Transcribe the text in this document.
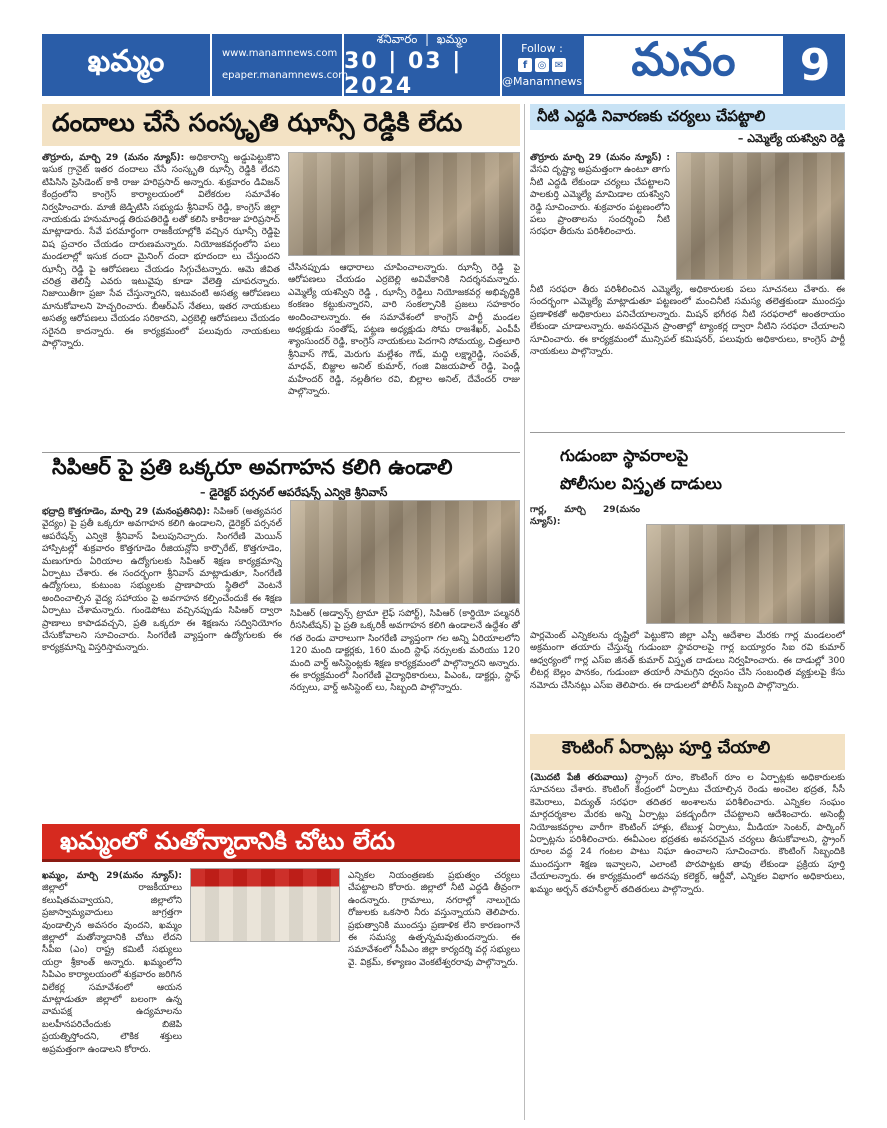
ఖమ్మం	www.manamnews.com
epaper.manamnews.com
శనివారం  |  ఖమ్మం
30 | 03 | 2024
Follow :
f	◎ ✉
@Manamnews	మనం	9
దందాలు చేసే సంస్కృతి ఝాన్సీ రెడ్డికి లేదు
తొర్రూరు, మార్చి 29 (మనం న్యూస్): అధికారాన్ని అడ్డుపెట్టుకొని ఇసుక గ్రానైట్ ఇతర దందాలు చేసే సంస్కృతి ఝాన్సీ రెడ్డికి లేదని టిపిసిసి ప్రెసిడెంట్ కాకి రాజు హరిప్రసాద్ అన్నారు. శుక్రవారం డివిజన్ కేంద్రంలోని కాంగ్రెస్ కార్యాలయంలో విలేకరుల సమావేశం నిర్వహించారు. మాజీ జెడ్పిటిసి సభ్యుడు శ్రీనివాస్ రెడ్డి, కాంగ్రెస్ జిల్లా నాయకుడు హనుమాండ్ల తిరుపతిరెడ్డి లతో కలిసి కాకిరాజు హరిప్రసాద్ మాట్లాడారు. సేవే పరమార్థంగా రాజకీయాల్లోకి వచ్చిన ఝాన్సీ రెడ్డిపై విష ప్రచారం చేయడం దారుణమన్నారు. నియోజకవర్గంలోని పలు మండలాల్లో ఇసుక దందా మైనింగ్ దందా భూదందా లు చేస్తుందని ఝాన్సీ రెడ్డి పై ఆరోపణలు చేయడం సిగ్గుచేటన్నారు. ఆమె జీవిత చరిత్ర తెలిస్తే ఎవరు ఇటువైపు కూడా వేలెత్తి చూపరన్నారు. నిజాయితీగా ప్రజా సేవ చేస్తున్నారని, ఇటువంటి అసత్య ఆరోపణలు మానుకోవాలని హెచ్చరించారు. బీఆర్ఎస్ నేతలు, ఇతర నాయకులు అసత్య ఆరోపణలు చేయడం సరికాదని, ఎర్రబెల్లి ఆరోపణలు చేయడం సరైనది కాదన్నారు. ఈ కార్యక్రమంలో పలువురు నాయకులు పాల్గొన్నారు.
చేసినప్పుడు ఆధారాలు చూపించాలన్నారు. ఝాన్సీ రెడ్డి పై ఆరోపణలు చేయడం ఎర్రబెల్లి అవివేకానికి నిదర్శనమన్నారు. ఎమ్మెల్యే యశస్విని రెడ్డి , ఝాన్సీ రెడ్డిలు నియోజకవర్గ అభివృద్ధికి కంకణం కట్టుకున్నారని, వారి సంకల్పానికి ప్రజలు సహకారం అందించాలన్నారు. ఈ సమావేశంలో కాంగ్రెస్ పార్టీ మండల అధ్యక్షుడు సంతోష్, పట్టణ అధ్యక్షుడు సోమ రాజశేఖర్, ఎంపీపీ శ్యాంసుందర్ రెడ్డి, కాంగ్రెస్ నాయకులు పెదగాని సోమయ్య, చిత్తలూరి శ్రీనివాస్ గౌడ్, మెరుగు మల్లేశం గౌడ్, మద్ది లక్ష్మారెడ్డి, సంపత్, మాధవ్, బిజ్జాల అనిల్ కుమార్, గంజి విజయపాల్ రెడ్డి, పెండ్లి మహేందర్ రెడ్డి, నల్లతీగల రవి, బిల్లాల అనిల్, దేవేందర్ రాజు పాల్గొన్నారు.
సిపిఆర్ పై ప్రతి ఒక్కరూ అవగాహన కలిగి ఉండాలి
– డైరెక్టర్ పర్సనల్ ఆపరేషన్స్ ఎన్వికె శ్రీనివాస్
భద్రాద్రి కొత్తగూడెం, మార్చి 29 (మనంప్రతినిధి): సిపిఆర్ (అత్యవసర వైద్యం) పై ప్రతీ ఒక్కరూ అవగాహన కలిగి ఉండాలని, డైరెక్టర్ పర్సనల్ ఆపరేషన్స్ ఎన్వికె శ్రీనివాస్ పిలుపునిచ్చారు. సింగరేణి మెయిన్ హాస్పిటల్లో శుక్రవారం కొత్తగూడెం రీజియన్లోని కార్పొరేట్, కొత్తగూడెం, మణుగూరు ఏరియాల ఉద్యోగులకు సిపిఆర్ శిక్షణ కార్యక్రమాన్ని ఏర్పాటు చేశారు. ఈ సందర్భంగా శ్రీనివాస్ మాట్లాడుతూ, సింగరేణి ఉద్యోగులు, కుటుంబ సభ్యులకు ప్రాణాపాయ స్థితిలో వెంటనే అందించాల్సిన వైద్య సహాయం పై అవగాహన కల్పించేందుకే ఈ శిక్షణ ఏర్పాటు చేశామన్నారు. గుండెపోటు వచ్చినప్పుడు సిపిఆర్ ద్వారా ప్రాణాలు కాపాడవచ్చని, ప్రతి ఒక్కరూ ఈ శిక్షణను సద్వినియోగం చేసుకోవాలని సూచించారు. సింగరేణి వ్యాప్తంగా ఉద్యోగులకు ఈ కార్యక్రమాన్ని విస్తరిస్తామన్నారు.
సిపిఆర్ (అడ్వాన్స్ ట్రామా లైఫ్ సపోర్ట్), సిపిఆర్ (కార్డియో పల్మనరీ రీససిటేషన్) పై ప్రతి ఒక్కరికీ అవగాహన కలిగి ఉండాలనే ఉద్దేశం తో గత రెండు వారాలుగా సింగరేణి వ్యాప్తంగా గల అన్ని ఏరియాలలోని 120 మంది డాక్టర్లకు, 160 మంది స్టాఫ్ నర్సులకు మరియు 120 మంది వార్డ్ అసిస్టెంట్లకు శిక్షణ కార్యక్రమంలో పాల్గొన్నారని అన్నారు. ఈ కార్యక్రమంలో సింగరేణి వైద్యాధికారులు, పిఎంఓ, డాక్టర్లు, స్టాఫ్ నర్సులు, వార్డ్ అసిస్టెంట్ లు, సిబ్బంది పాల్గొన్నారు.
ఖమ్మంలో మతోన్మాదానికి చోటు లేదు
ఖమ్మం, మార్చి 29(మనం న్యూస్): జిల్లాలో రాజకీయాలు కలుషితమవ్వాయని, జిల్లాలోని ప్రజాస్వామ్యవాదులు జాగ్రత్తగా వుండాల్సిన అవసరం వుందని, ఖమ్మం జిల్లాలో మతోన్మాదానికి చోటు లేదని సీపీఐ (ఎం) రాష్ట్ర కమిటీ సభ్యులు యర్రా శ్రీకాంత్ అన్నారు. ఖమ్మంలోని సిపిఎం కార్యాలయంలో శుక్రవారం జరిగిన విలేకర్ల సమావేశంలో ఆయన మాట్లాడుతూ జిల్లాలో బలంగా ఉన్న వామపక్ష ఉద్యమాలను బలహీనపరిచేందుకు బిజెపి ప్రయత్నిస్తోందని, లౌకిక శక్తులు అప్రమత్తంగా ఉండాలని కోరారు.
ఎన్నికల నియంత్రణకు ప్రభుత్వం చర్యలు చేపట్టాలని కోరారు. జిల్లాలో నీటి ఎద్దడి తీవ్రంగా ఉందన్నారు. గ్రామాలు, నగరాల్లో నాలుగైదు రోజులకు ఒకసారి నీరు వస్తున్నాయని తెలిపారు. ప్రభుత్వానికి ముందస్తు ప్రణాళిక లేని కారణంగానే ఈ సమస్య ఉత్పన్నమవుతుందన్నారు. ఈ సమావేశంలో సీపీఎం జిల్లా కార్యదర్శి వర్గ సభ్యులు వై. విక్రమ్, కళ్యాణం వెంకటేశ్వరరావు పాల్గొన్నారు.
నీటి ఎద్దడి నివారణకు చర్యలు చేపట్టాలి
– ఎమ్మెల్యే యశస్విని రెడ్డి
తొర్రూరు మార్చి 29 (మనం న్యూస్) : వేసవి దృష్ట్యా అప్రమత్తంగా ఉంటూ తాగు నీటి ఎద్దడి లేకుండా చర్యలు చేపట్టాలని పాలకుర్తి ఎమ్మెల్యే మామిడాల యశస్విని రెడ్డి సూచించారు. శుక్రవారం పట్టణంలోని పలు ప్రాంతాలను సందర్శించి నీటి సరఫరా తీరును పరిశీలించారు.
నీటి సరఫరా తీరు పరిశీలించిన ఎమ్మెల్యే, అధికారులకు పలు సూచనలు చేశారు. ఈ సందర్భంగా ఎమ్మెల్యే మాట్లాడుతూ పట్టణంలో మంచినీటి సమస్య తలెత్తకుండా ముందస్తు ప్రణాళికతో అధికారులు పనిచేయాలన్నారు. మిషన్ భగీరథ నీటి సరఫరాలో అంతరాయం లేకుండా చూడాలన్నారు. అవసరమైన ప్రాంతాల్లో ట్యాంకర్ల ద్వారా నీటిని సరఫరా చేయాలని సూచించారు. ఈ కార్యక్రమంలో మున్సిపల్ కమిషనర్, పలువురు అధికారులు, కాంగ్రెస్ పార్టీ నాయకులు పాల్గొన్నారు.
గుడుంబా స్థావరాలపై
పోలీసుల విస్తృత దాడులు
గార్ల, మార్చి 29(మనం న్యూస్):
పార్లమెంట్ ఎన్నికలను దృష్టిలో పెట్టుకొని జిల్లా ఎస్పీ ఆదేశాల మేరకు గార్ల మండలంలో అక్రమంగా తయారు చేస్తున్న గుడుంబా స్థావరాలపై గార్ల బయ్యారం సిఐ రవి కుమార్ ఆధ్వర్యంలో గార్ల ఎస్ఐ జీనత్ కుమార్ విస్తృత దాడులు నిర్వహించారు. ఈ దాడుల్లో 300 లీటర్ల బెల్లం పానకం, గుడుంబా తయారీ సామగ్రిని ధ్వంసం చేసి సంబంధిత వ్యక్తులపై కేసు నమోదు చేసినట్లు ఎస్ఐ తెలిపారు. ఈ దాడులలో పోలీస్ సిబ్బంది పాల్గొన్నారు.
కౌంటింగ్ ఏర్పాట్లు పూర్తి చేయాలి
(మొదటి పేజీ తరువాయి) స్ట్రాంగ్ రూం, కౌంటింగ్ రూం ల ఏర్పాట్లకు అధికారులకు సూచనలు చేశారు. కౌంటింగ్ కేంద్రంలో ఏర్పాటు చేయాల్సిన రెండు అంచెల భద్రత, సీసీ కెమెరాలు, విద్యుత్ సరఫరా తదితర అంశాలను పరిశీలించారు. ఎన్నికల సంఘం మార్గదర్శకాల మేరకు అన్ని ఏర్పాట్లు పకడ్బందీగా చేపట్టాలని ఆదేశించారు. అసెంబ్లీ నియోజకవర్గాల వారీగా కౌంటింగ్ హాళ్లు, టేబుళ్ల ఏర్పాటు, మీడియా సెంటర్, పార్కింగ్ ఏర్పాట్లను పరిశీలించారు. ఈవీఎంల భద్రతకు అవసరమైన చర్యలు తీసుకోవాలని, స్ట్రాంగ్ రూంల వద్ద 24 గంటల పాటు నిఘా ఉంచాలని సూచించారు. కౌంటింగ్ సిబ్బందికి ముందస్తుగా శిక్షణ ఇవ్వాలని, ఎలాంటి పొరపాట్లకు తావు లేకుండా ప్రక్రియ పూర్తి చేయాలన్నారు. ఈ కార్యక్రమంలో అదనపు కలెక్టర్, ఆర్డీవో, ఎన్నికల విభాగం అధికారులు, ఖమ్మం అర్బన్ తహసీల్దార్ తదితరులు పాల్గొన్నారు.
